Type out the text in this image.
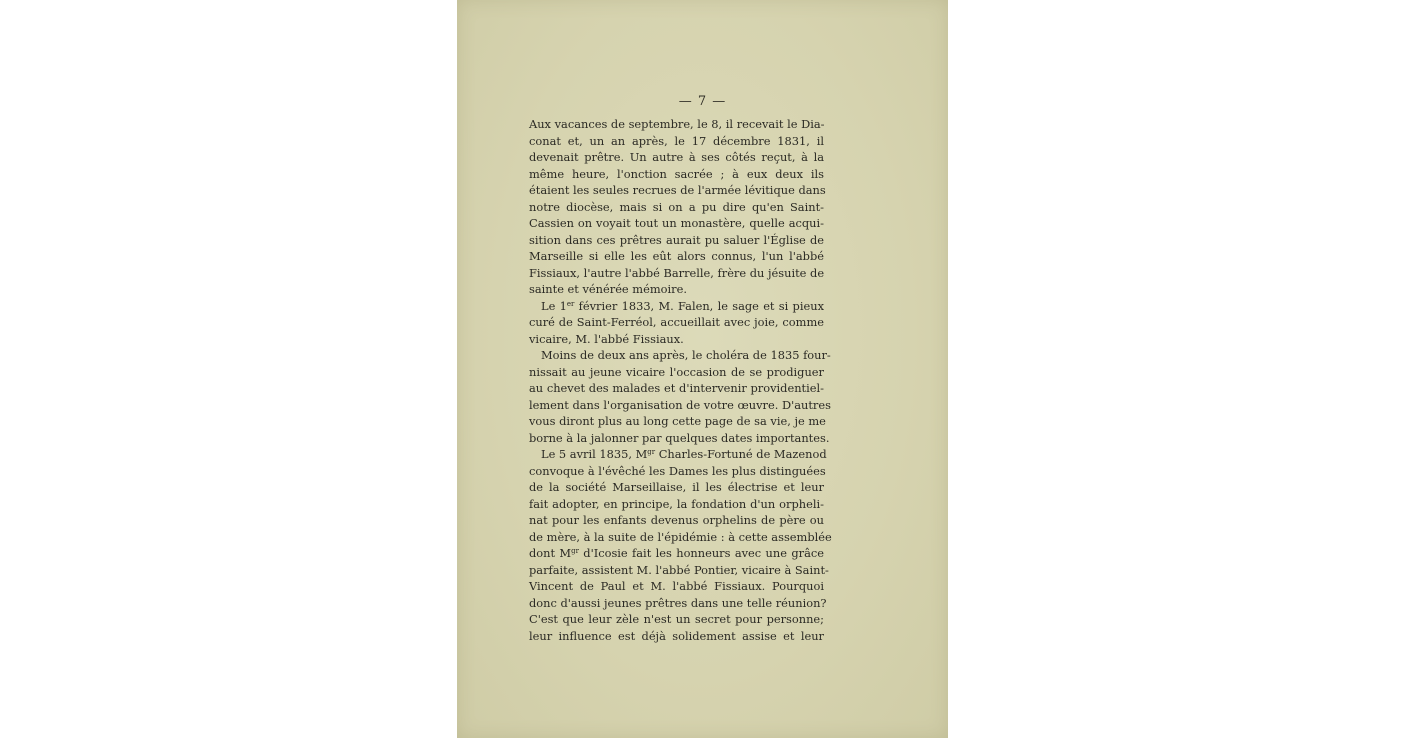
— 7 —
Aux vacances de septembre, le 8, il recevait le Dia-
conat et, un an après, le 17 décembre 1831, il
devenait prêtre. Un autre à ses côtés reçut, à la
même heure, l'onction sacrée ; à eux deux ils
étaient les seules recrues de l'armée lévitique dans
notre diocèse, mais si on a pu dire qu'en Saint-
Cassien on voyait tout un monastère, quelle acqui-
sition dans ces prêtres aurait pu saluer l'Église de
Marseille si elle les eût alors connus, l'un l'abbé
Fissiaux, l'autre l'abbé Barrelle, frère du jésuite de
sainte et vénérée mémoire.
Le 1er février 1833, M. Falen, le sage et si pieux
curé de Saint-Ferréol, accueillait avec joie, comme
vicaire, M. l'abbé Fissiaux.
Moins de deux ans après, le choléra de 1835 four-
nissait au jeune vicaire l'occasion de se prodiguer
au chevet des malades et d'intervenir providentiel-
lement dans l'organisation de votre œuvre. D'autres
vous diront plus au long cette page de sa vie, je me
borne à la jalonner par quelques dates importantes.
Le 5 avril 1835, $M^{gr}$ Charles-Fortuné de Mazenod
convoque à l'évêché les Dames les plus distinguées
de la société Marseillaise, il les électrise et leur
fait adopter, en principe, la fondation d'un orpheli-
nat pour les enfants devenus orphelins de père ou
de mère, à la suite de l'épidémie : à cette assemblée
dont $M^{gr}$ d'Icosie fait les honneurs avec une grâce
parfaite, assistent M. l'abbé Pontier, vicaire à Saint-
Vincent de Paul et M. l'abbé Fissiaux. Pourquoi
donc d'aussi jeunes prêtres dans une telle réunion?
C'est que leur zèle n'est un secret pour personne;
leur influence est déjà solidement assise et leur
